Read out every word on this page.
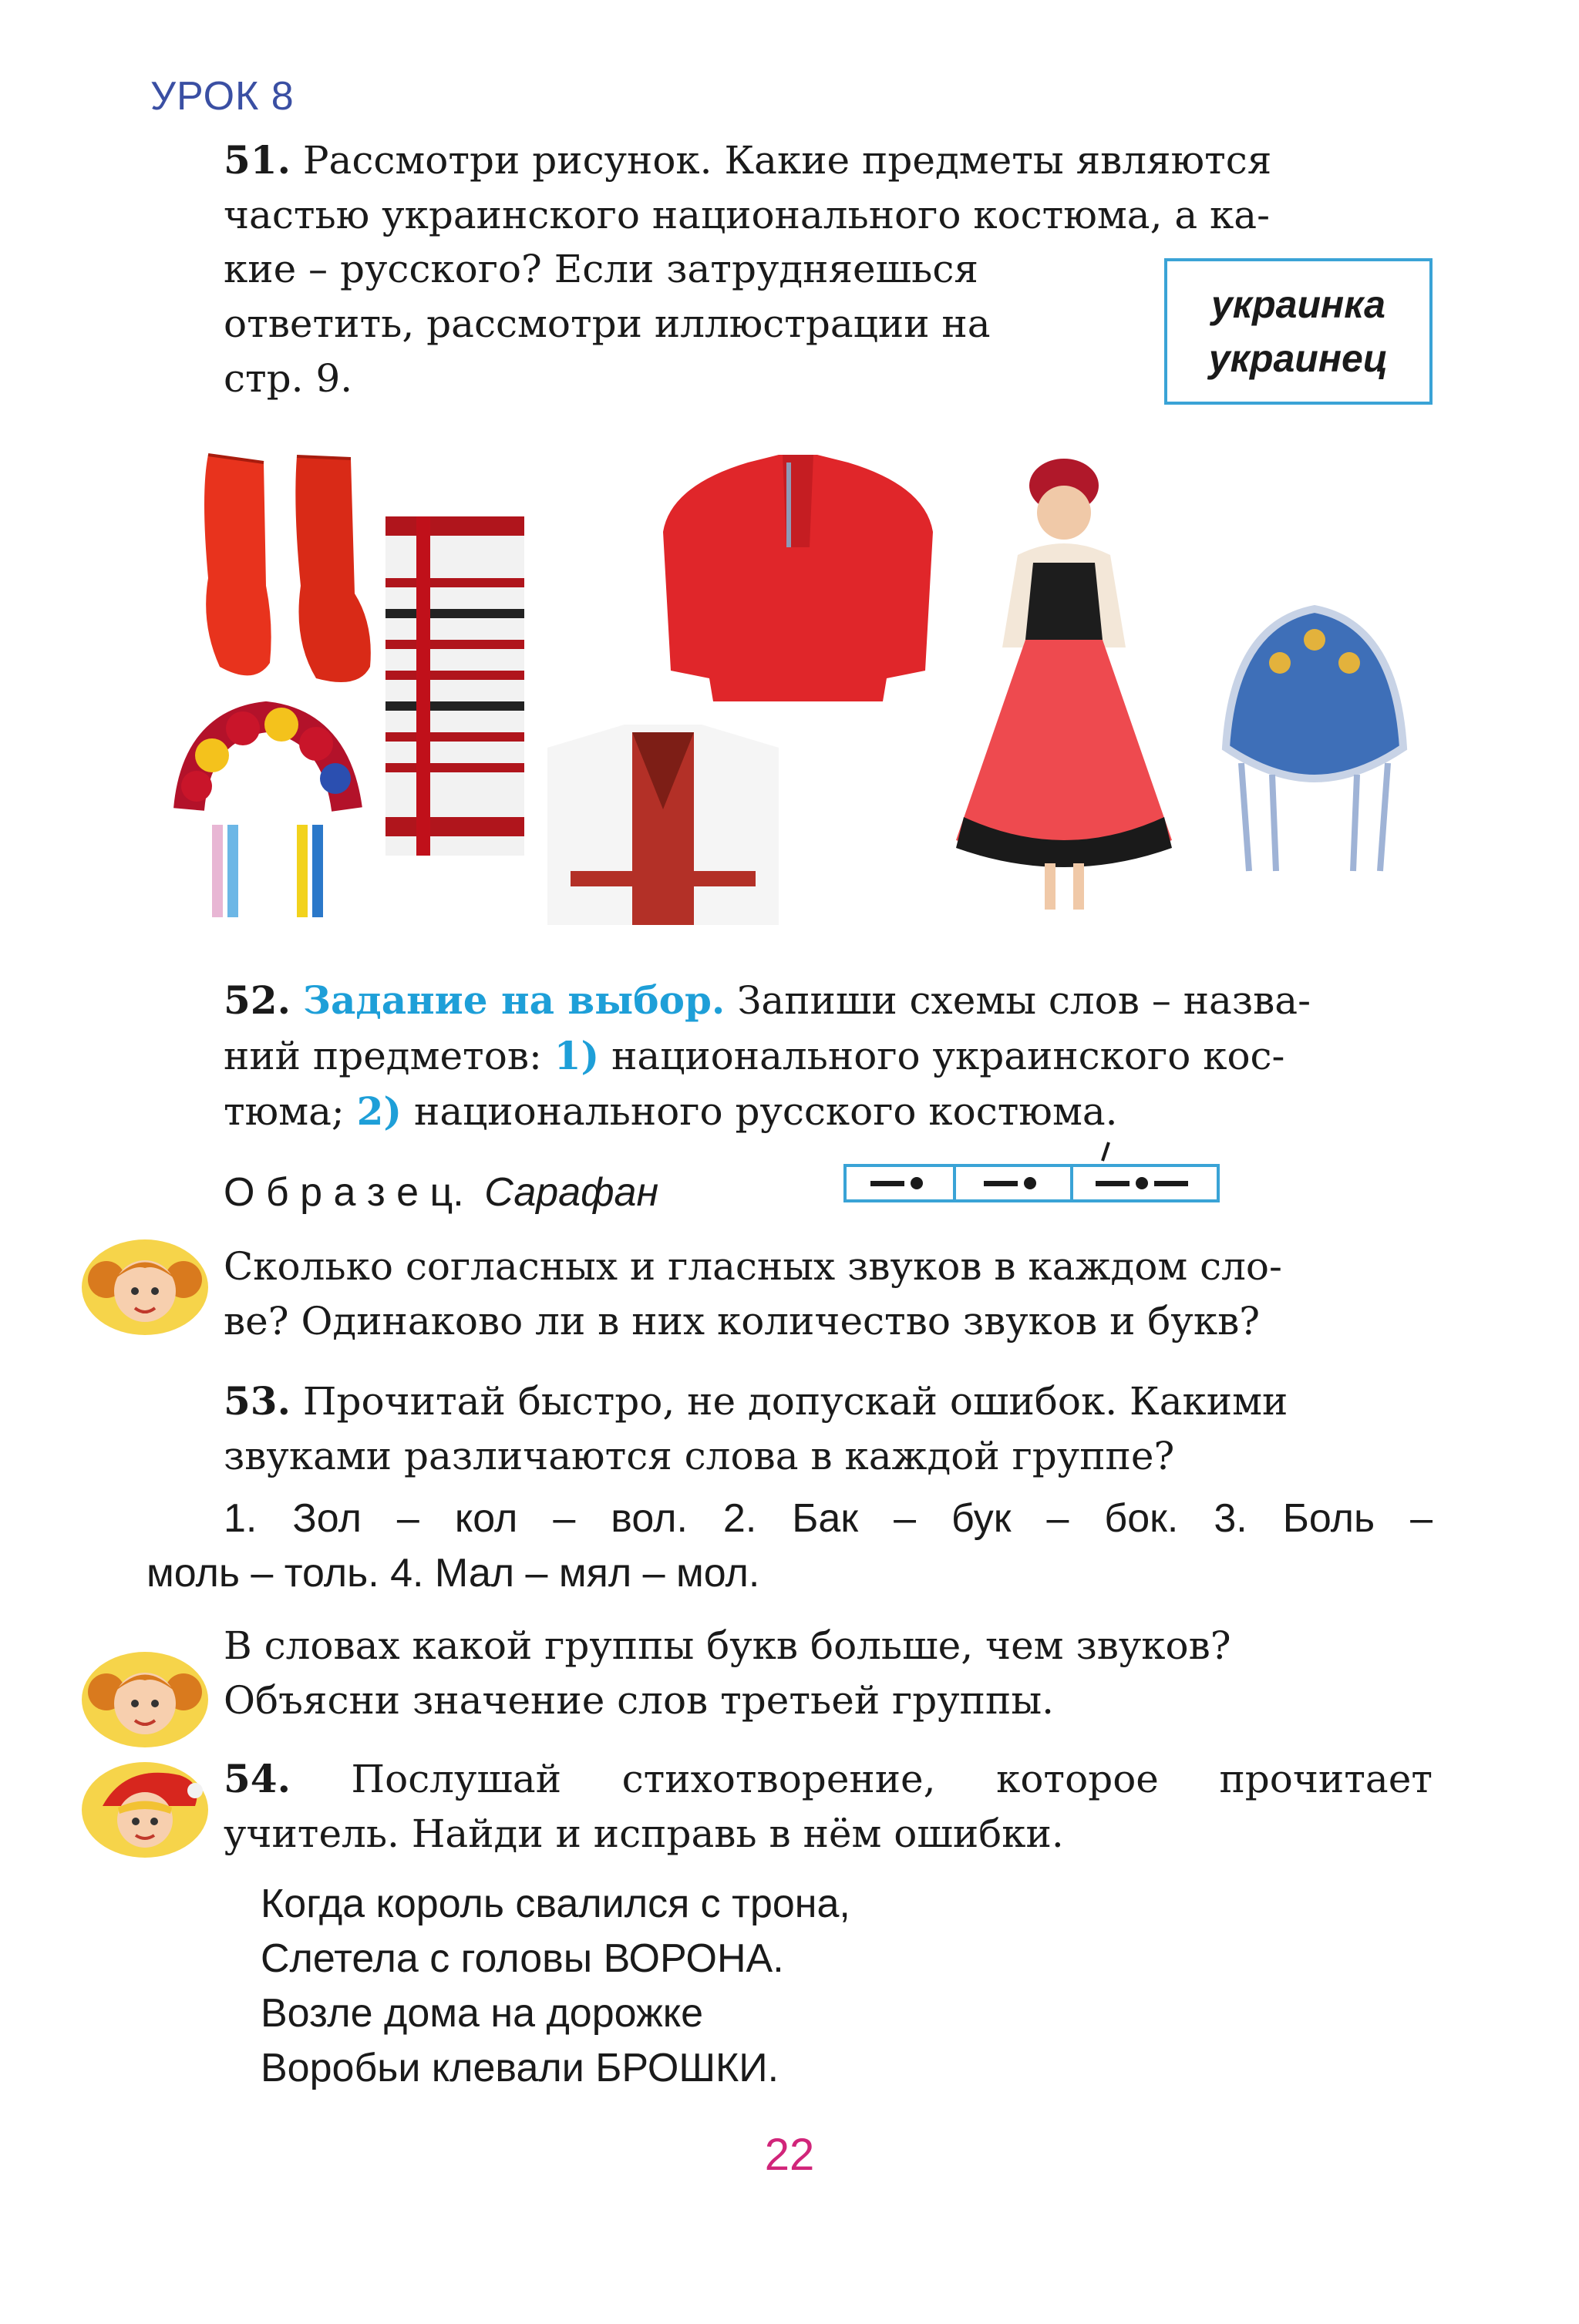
УРОК 8
51. Рассмотри рисунок. Какие предметы являются
частью украинского национального костюма, а ка-
кие – русского? Если затрудняешься
ответить, рассмотри иллюстрации на
стр. 9.
украинка
украинец
52. Задание на выбор. Запиши схемы слов – назва-
ний предметов: 1) национального украинского кос-
тюма; 2) национального русского костюма.
О б р а з е ц. Сарафан
Сколько согласных и гласных звуков в каждом сло-
ве? Одинаково ли в них количество звуков и букв?
53. Прочитай быстро, не допускай ошибок. Какими
звуками различаются слова в каждой группе?
1. Зол – кол – вол. 2. Бак – бук – бок. 3. Боль –
моль – толь. 4. Мал – мял – мол.
В словах какой группы букв больше, чем звуков?
Объясни значение слов третьей группы.
54. Послушай стихотворение, которое прочитает
учитель. Найди и исправь в нём ошибки.
Когда король свалился с трона,
Слетела с головы ВОРОНА.
Возле дома на дорожке
Воробьи клевали БРОШКИ.
22
